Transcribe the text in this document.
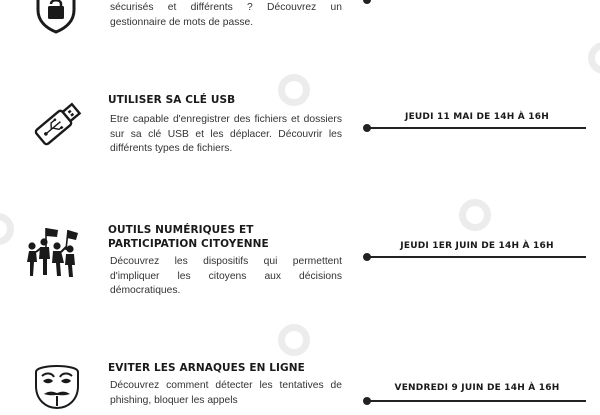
sécurisés et différents ? Découvrez un gestionnaire de mots de passe.
UTILISER SA CLÉ USB
Etre capable d'enregistrer des fichiers et dossiers sur sa clé USB et les déplacer. Découvrir les différents types de fichiers.
JEUDI 11 MAI DE 14H À 16H
OUTILS NUMÉRIQUES ET PARTICIPATION CITOYENNE
Découvrez les dispositifs qui permettent d'impliquer les citoyens aux décisions démocratiques.
JEUDI 1ER JUIN DE 14H À 16H
EVITER LES ARNAQUES EN LIGNE
Découvrez comment détecter les tentatives de phishing, bloquer les appels
VENDREDI 9 JUIN DE 14H À 16H
